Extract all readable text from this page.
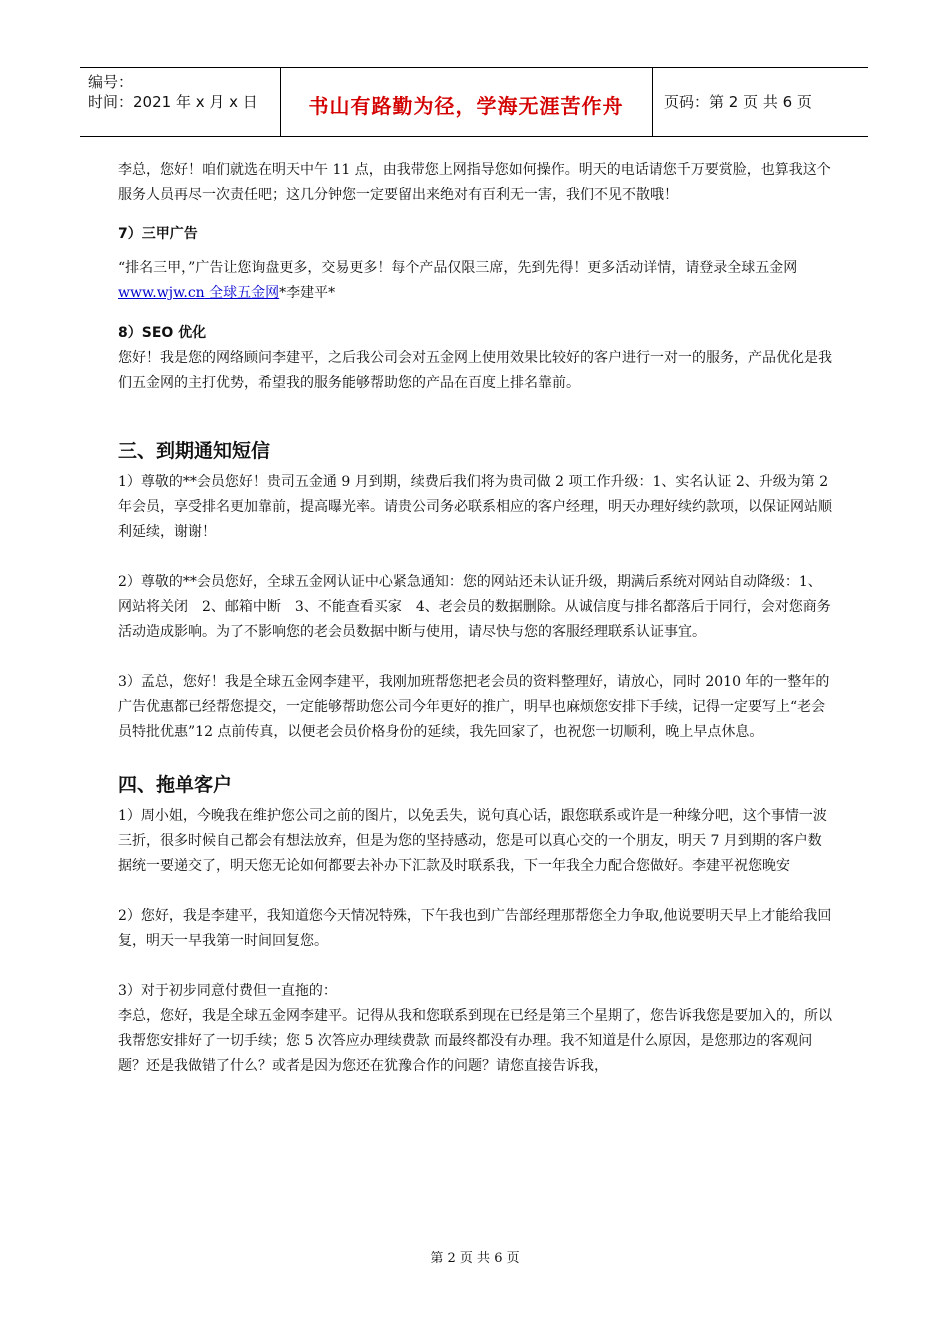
编号：
时间：2021 年 x 月 x 日	书山有路勤为径，学海无涯苦作舟	页码：第 2 页 共 6 页

李总，您好！咱们就选在明天中午 11 点，由我带您上网指导您如何操作。明天的电话请您千万要赏脸，也算我这个服务人员再尽一次责任吧；这几分钟您一定要留出来绝对有百利无一害，我们不见不散哦！

7）三甲广告

“排名三甲，”广告让您询盘更多，交易更多！每个产品仅限三席，先到先得！更多活动详情，请登录全球五金网 www.wjw.cn 全球五金网*李建平*

8）SEO 优化

您好！我是您的网络顾问李建平，之后我公司会对五金网上使用效果比较好的客户进行一对一的服务，产品优化是我们五金网的主打优势，希望我的服务能够帮助您的产品在百度上排名靠前。

三、到期通知短信

1）尊敬的**会员您好！贵司五金通 9 月到期，续费后我们将为贵司做 2 项工作升级：1、实名认证 2、升级为第 2 年会员，享受排名更加靠前，提高曝光率。请贵公司务必联系相应的客户经理，明天办理好续约款项，以保证网站顺利延续，谢谢！

2）尊敬的**会员您好，全球五金网认证中心紧急通知：您的网站还未认证升级，期满后系统对网站自动降级：1、网站将关闭　2、邮箱中断　3、不能查看买家　4、老会员的数据删除。从诚信度与排名都落后于同行，会对您商务活动造成影响。为了不影响您的老会员数据中断与使用，请尽快与您的客服经理联系认证事宜。

3）孟总，您好！我是全球五金网李建平，我刚加班帮您把老会员的资料整理好，请放心，同时 2010 年的一整年的广告优惠都已经帮您提交，一定能够帮助您公司今年更好的推广，明早也麻烦您安排下手续，记得一定要写上“老会员特批优惠”12 点前传真，以便老会员价格身份的延续，我先回家了，也祝您一切顺利，晚上早点休息。

四、拖单客户

1）周小姐，今晚我在维护您公司之前的图片，以免丢失，说句真心话，跟您联系或许是一种缘分吧，这个事情一波三折，很多时候自己都会有想法放弃，但是为您的坚持感动，您是可以真心交的一个朋友，明天 7 月到期的客户数据统一要递交了，明天您无论如何都要去补办下汇款及时联系我，下一年我全力配合您做好。李建平祝您晚安

2）您好，我是李建平，我知道您今天情况特殊，下午我也到广告部经理那帮您全力争取,他说要明天早上才能给我回复，明天一早我第一时间回复您。

3）对于初步同意付费但一直拖的：

李总，您好，我是全球五金网李建平。记得从我和您联系到现在已经是第三个星期了，您告诉我您是要加入的，所以我帮您安排好了一切手续；您 5 次答应办理续费款 而最终都没有办理。我不知道是什么原因，是您那边的客观问题？还是我做错了什么？或者是因为您还在犹豫合作的问题？请您直接告诉我，

第 2 页 共 6 页
